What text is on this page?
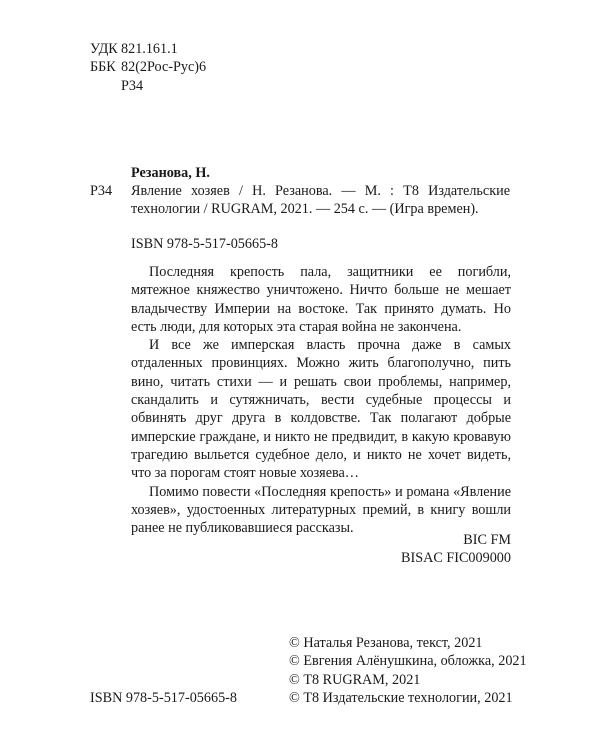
УДК 821.161.1
ББК 82(2Рос-Рус)6
Р34
Резанова, Н.
Р34 Явление хозяев / Н. Резанова. — М. : Т8 Издательские технологии / RUGRAM, 2021. — 254 с. — (Игра времен).
ISBN 978-5-517-05665-8

Последняя крепость пала, защитники ее погибли, мятежное княжество уничтожено. Ничто больше не мешает владычеству Империи на востоке. Так принято думать. Но есть люди, для которых эта старая война не закончена.

И все же имперская власть прочна даже в самых отдаленных провинциях. Можно жить благополучно, пить вино, читать стихи — и решать свои проблемы, например, скандалить и сутяжничать, вести судебные процессы и обвинять друг друга в колдовстве. Так полагают добрые имперские граждане, и никто не предвидит, в какую кровавую трагедию выльется судебное дело, и никто не хочет видеть, что за порогам стоят новые хозяева…

Помимо повести «Последняя крепость» и романа «Явление хозяев», удостоенных литературных премий, в книгу вошли ранее не публиковавшиеся рассказы.

BIC FM
BISAC FIC009000
© Наталья Резанова, текст, 2021
© Евгения Алёнушкина, обложка, 2021
© Т8 RUGRAM, 2021
© Т8 Издательские технологии, 2021
ISBN 978-5-517-05665-8
